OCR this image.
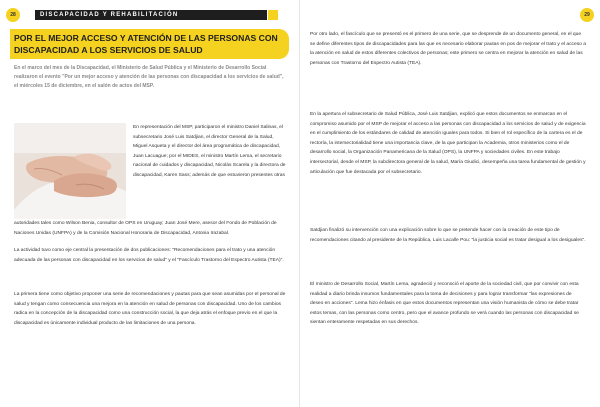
DISCAPACIDAD Y REHABILITACIÓN
28
POR EL MEJOR ACCESO Y ATENCIÓN DE LAS PERSONAS CON DISCAPACIDAD A LOS SERVICIOS DE SALUD

En el marco del mes de la Discapacidad, el Ministerio de Salud Pública y el Ministerio de Desarrollo Social realizaron el evento "Por un mejor acceso y atención de las personas con discapacidad a los servicios de salud", el miércoles 15 de diciembre, en el salón de actos del MSP.

En representación del MSP, participaron el ministro Daniel Salinas, el subsecretario José Luis Satdjian, el director General de la Salud, Miguel Asqueta y el director del área programática de discapacidad, Juan Lacuague; por el MIDES, el ministro Martín Lema, el secretario nacional de cuidados y discapacidad, Nicolás Scarela y la directora de discapacidad, Karen Sass; además de que estuvieron presentes otras

autoridades tales como Wilson Benia, consultor de OPS en Uruguay; Juan José Mere, asesor del Fondo de Población de Naciones Unidas (UNFPA) y de la Comisión Nacional Honoraria de Discapacidad, Antonia Irazabal.

La actividad tuvo como eje central la presentación de dos publicaciones: "Recomendaciones para el trato y una atención adecuada de las personas con discapacidad en los servicios de salud" y el "Fascículo Trastorno del Espectro Autista (TEA)".

La primera tiene como objetivo proponer una serie de recomendaciones y pautas para que sean asumidas por el personal de salud y tengan como consecuencia una mejora en la atención en salud de personas con discapacidad. Uno de los cambios radica en la concepción de la discapacidad como una construcción social, la que deja atrás el enfoque previo en el que la discapacidad es únicamente individual producto de las limitaciones de una persona.

29

Por otro lado, el fascículo que se presentó es el primero de una serie, que se desprende de un documento general, en el que se define diferentes tipos de discapacidades para las que es necesario elaborar pautas en pos de mejorar el trato y el acceso a la atención en salud de estos diferentes colectivos de personas; este primero se centra en mejorar la atención en salud de las personas con Trastorno del Espectro Autista (TEA).

En la apertura el subsecretario de Salud Pública, José Luis Satdjian, explicó que estos documentos se enmarcan en el compromiso asumido por el MSP de mejorar el acceso a las personas con discapacidad a los servicios de salud y de exigencia en el cumplimiento de los estándares de calidad de atención iguales para todos. Si bien el rol específico de la cartera es el de rectoría, la intersectorialidad tiene una importancia clave, de la que participan la Academia, otros ministerios como el de desarrollo social, la Organización Panamericana de la Salud (OPS), la UNFPA y sociedades civiles. En este trabajo intersectorial, desde el MSP, la subdirectora general de la salud, María Giudici, desempeña una tarea fundamental de gestión y articulación que fue destacada por el subsecretario.

Satdjian finalizó su intervención con una explicación sobre lo que se pretende hacer con la creación de este tipo de recomendaciones citando al presidente de la República, Luis Lacalle Pou: "la justicia social es tratar desigual a los desiguales".

El ministro de Desarrollo Social, Martín Lema, agradeció y reconoció el aporte de la sociedad civil, que por convivir con esta realidad a diario brinda insumos fundamentales para la toma de decisiones y para lograr transformar "las expresiones de deseo en acciones". Lema hizo énfasis en que estos documentos representan una visión humanista de cómo se debe tratar estos temas, con las personas como centro, pero que el avance profundo se verá cuando las personas con discapacidad se sientan enteramente respetadas en sus derechos.
